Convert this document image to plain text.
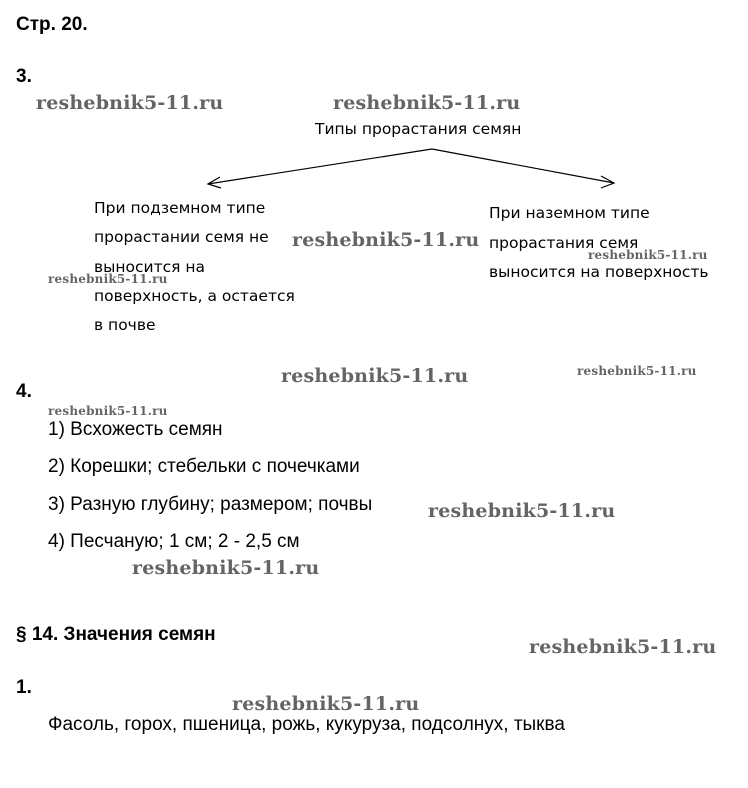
Стр. 20.
3.
Типы прорастания семян
При подземном типе
прорастании семя не
выносится на
поверхность, а остается
в почве
При наземном типе
прорастания семя
выносится на поверхность
4.
1) Всхожесть семян
2) Корешки; стебельки с почечками
3) Разную глубину; размером; почвы
4) Песчаную; 1 см; 2 - 2,5 см
§ 14. Значения семян
1.
Фасоль, горох, пшеница, рожь, кукуруза, подсолнух, тыква
reshebnik5-11.ru	reshebnik5-11.ru
reshebnik5-11.ru
reshebnik5-11.ru
reshebnik5-11.ru
reshebnik5-11.ru	reshebnik5-11.ru
reshebnik5-11.ru
reshebnik5-11.ru
reshebnik5-11.ru
reshebnik5-11.ru
reshebnik5-11.ru
